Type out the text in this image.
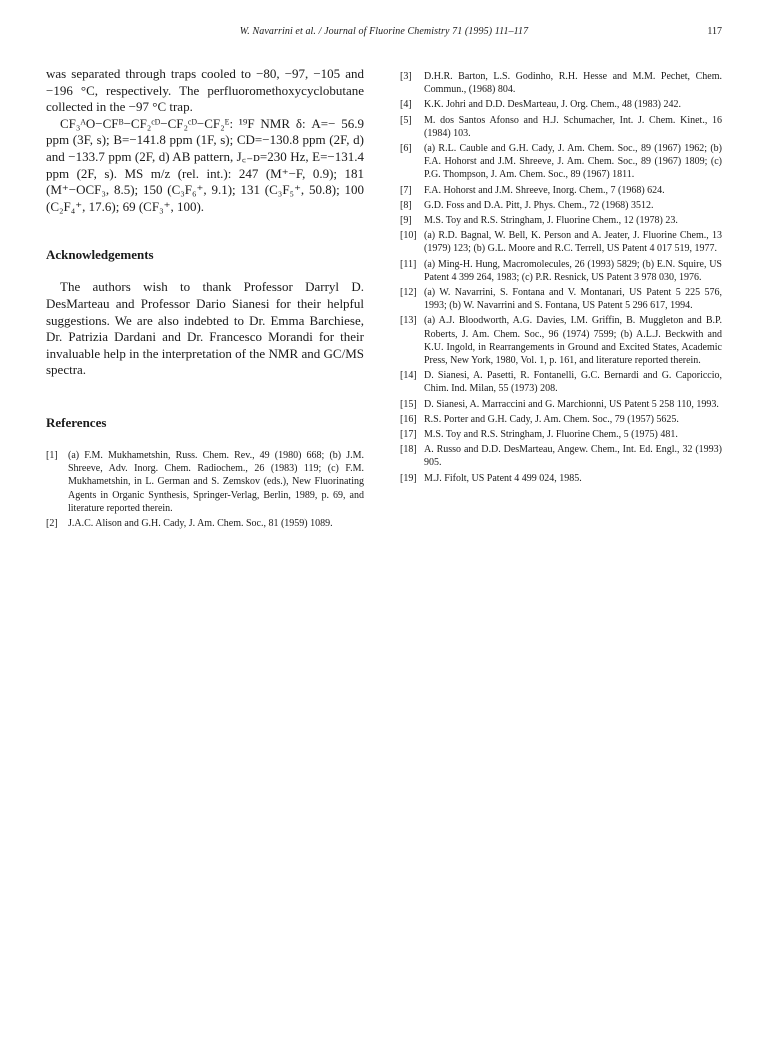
W. Navarrini et al. / Journal of Fluorine Chemistry 71 (1995) 111–117	117

was separated through traps cooled to −80, −97, −105 and −196 °C, respectively. The perfluoromethoxycyclobutane collected in the −97 °C trap.

CF₃ᴬO−CFᴮ−CF₂ᶜᴰ−CF₂ᶜᴰ−CF₂ᴱ: ¹⁹F NMR δ: A=− 56.9 ppm (3F, s); B=−141.8 ppm (1F, s); CD=−130.8 ppm (2F, d) and −133.7 ppm (2F, d) AB pattern, J꜀₋ᴅ=230 Hz, E=−131.4 ppm (2F, s). MS m/z (rel. int.): 247 (M⁺−F, 0.9); 181 (M⁺−OCF₃, 8.5); 150 (C₃F₆⁺, 9.1); 131 (C₃F₅⁺, 50.8); 100 (C₂F₄⁺, 17.6); 69 (CF₃⁺, 100).

Acknowledgements

The authors wish to thank Professor Darryl D. DesMarteau and Professor Dario Sianesi for their helpful suggestions. We are also indebted to Dr. Emma Barchiese, Dr. Patrizia Dardani and Dr. Francesco Morandi for their invaluable help in the interpretation of the NMR and GC/MS spectra.

References
[1]	(a) F.M. Mukhametshin, Russ. Chem. Rev., 49 (1980) 668; (b) J.M. Shreeve, Adv. Inorg. Chem. Radiochem., 26 (1983) 119; (c) F.M. Mukhametshin, in L. German and S. Zemskov (eds.), New Fluorinating Agents in Organic Synthesis, Springer-Verlag, Berlin, 1989, p. 69, and literature reported therein.
[2]	J.A.C. Alison and G.H. Cady, J. Am. Chem. Soc., 81 (1959) 1089.
[3]	D.H.R. Barton, L.S. Godinho, R.H. Hesse and M.M. Pechet, Chem. Commun., (1968) 804.
[4]	K.K. Johri and D.D. DesMarteau, J. Org. Chem., 48 (1983) 242.
[5]	M. dos Santos Afonso and H.J. Schumacher, Int. J. Chem. Kinet., 16 (1984) 103.
[6]	(a) R.L. Cauble and G.H. Cady, J. Am. Chem. Soc., 89 (1967) 1962; (b) F.A. Hohorst and J.M. Shreeve, J. Am. Chem. Soc., 89 (1967) 1809; (c) P.G. Thompson, J. Am. Chem. Soc., 89 (1967) 1811.
[7]	F.A. Hohorst and J.M. Shreeve, Inorg. Chem., 7 (1968) 624.
[8]	G.D. Foss and D.A. Pitt, J. Phys. Chem., 72 (1968) 3512.
[9]	M.S. Toy and R.S. Stringham, J. Fluorine Chem., 12 (1978) 23.
[10] (a) R.D. Bagnal, W. Bell, K. Person and A. Jeater, J. Fluorine Chem., 13 (1979) 123; (b) G.L. Moore and R.C. Terrell, US Patent 4 017 519, 1977.
[11] (a) Ming-H. Hung, Macromolecules, 26 (1993) 5829; (b) E.N. Squire, US Patent 4 399 264, 1983; (c) P.R. Resnick, US Patent 3 978 030, 1976.
[12] (a) W. Navarrini, S. Fontana and V. Montanari, US Patent 5 225 576, 1993; (b) W. Navarrini and S. Fontana, US Patent 5 296 617, 1994.
[13] (a) A.J. Bloodworth, A.G. Davies, I.M. Griffin, B. Muggleton and B.P. Roberts, J. Am. Chem. Soc., 96 (1974) 7599; (b) A.L.J. Beckwith and K.U. Ingold, in Rearrangements in Ground and Excited States, Academic Press, New York, 1980, Vol. 1, p. 161, and literature reported therein.
[14] D. Sianesi, A. Pasetti, R. Fontanelli, G.C. Bernardi and G. Caporiccio, Chim. Ind. Milan, 55 (1973) 208.
[15] D. Sianesi, A. Marraccini and G. Marchionni, US Patent 5 258 110, 1993.
[16] R.S. Porter and G.H. Cady, J. Am. Chem. Soc., 79 (1957) 5625.
[17] M.S. Toy and R.S. Stringham, J. Fluorine Chem., 5 (1975) 481.
[18] A. Russo and D.D. DesMarteau, Angew. Chem., Int. Ed. Engl., 32 (1993) 905.
[19] M.J. Fifolt, US Patent 4 499 024, 1985.
